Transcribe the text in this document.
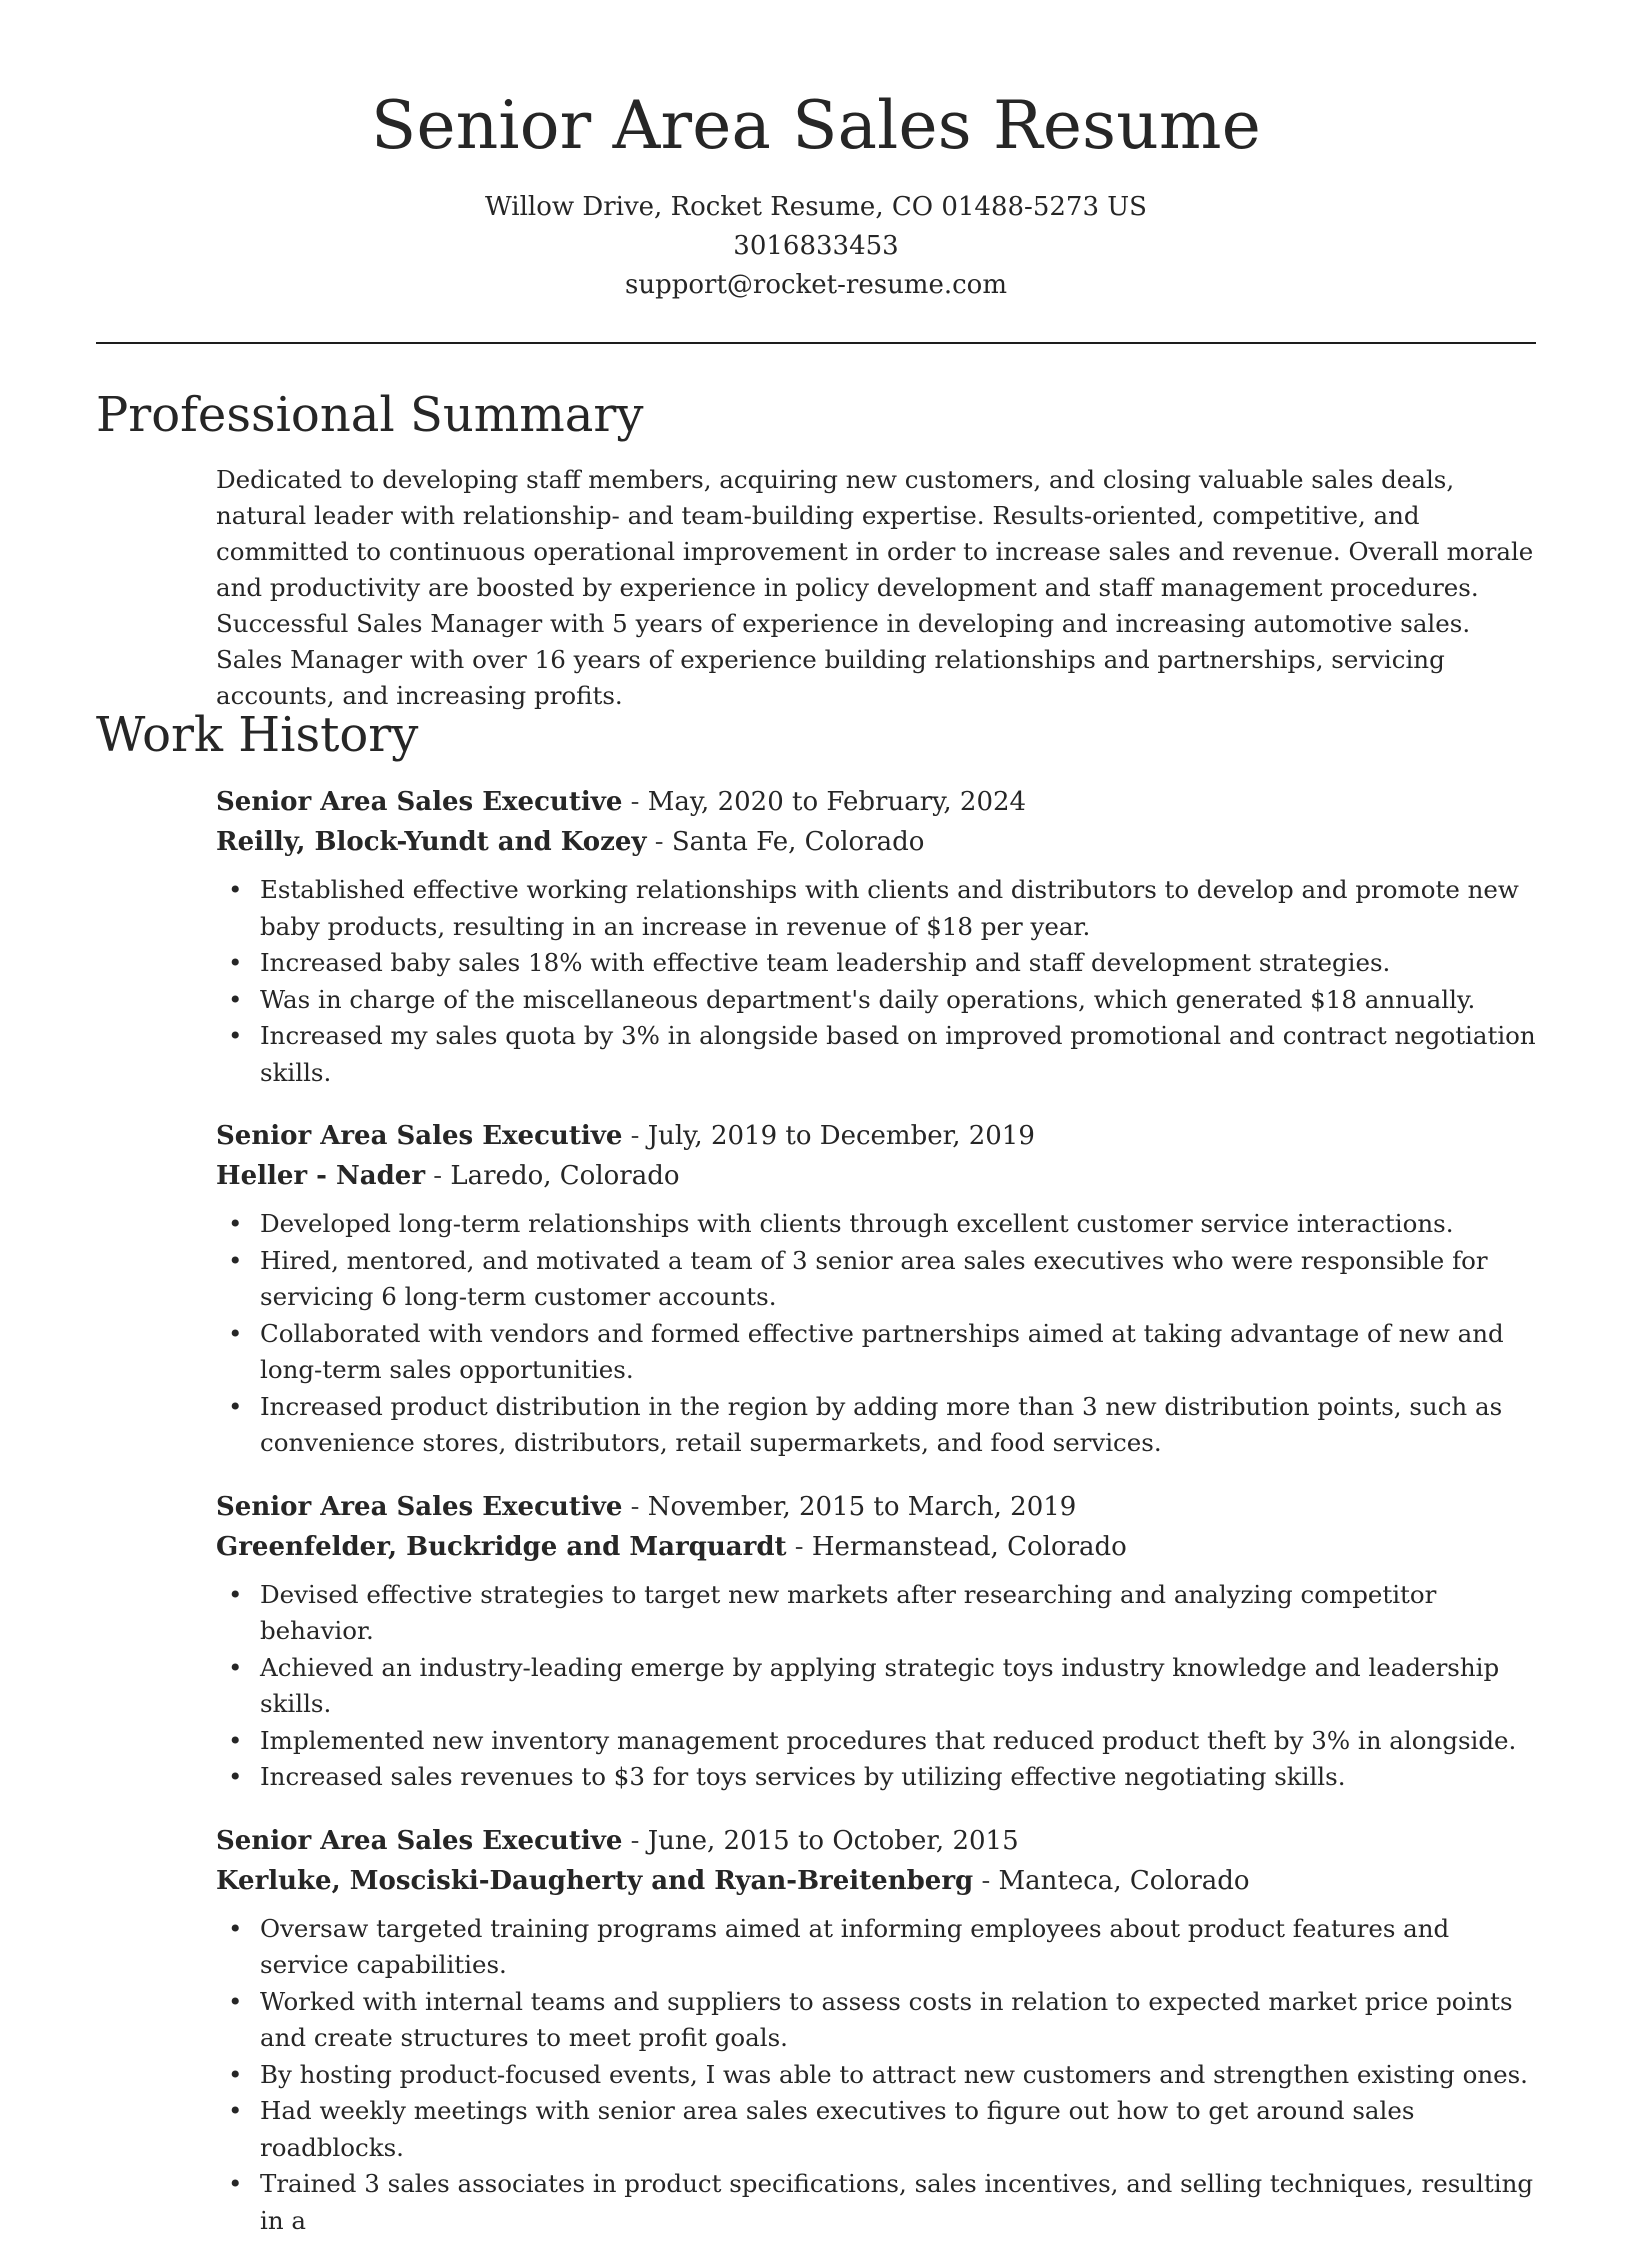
Senior Area Sales Resume
Willow Drive, Rocket Resume, CO 01488-5273 US
3016833453
support@rocket-resume.com
Professional Summary

Dedicated to developing staff members, acquiring new customers, and closing valuable sales deals, natural leader with relationship- and team-building expertise. Results-oriented, competitive, and committed to continuous operational improvement in order to increase sales and revenue. Overall morale and productivity are boosted by experience in policy development and staff management procedures. Successful Sales Manager with 5 years of experience in developing and increasing automotive sales. Sales Manager with over 16 years of experience building relationships and partnerships, servicing accounts, and increasing profits.

Work History
Senior Area Sales Executive - May, 2020 to February, 2024
Reilly, Block-Yundt and Kozey - Santa Fe, Colorado
• Established effective working relationships with clients and distributors to develop and promote new baby products, resulting in an increase in revenue of $18 per year.
• Increased baby sales 18% with effective team leadership and staff development strategies.
• Was in charge of the miscellaneous department's daily operations, which generated $18 annually.
• Increased my sales quota by 3% in alongside based on improved promotional and contract negotiation skills.
Senior Area Sales Executive - July, 2019 to December, 2019
Heller - Nader - Laredo, Colorado
• Developed long-term relationships with clients through excellent customer service interactions.
• Hired, mentored, and motivated a team of 3 senior area sales executives who were responsible for servicing 6 long-term customer accounts.
• Collaborated with vendors and formed effective partnerships aimed at taking advantage of new and long-term sales opportunities.
• Increased product distribution in the region by adding more than 3 new distribution points, such as convenience stores, distributors, retail supermarkets, and food services.
Senior Area Sales Executive - November, 2015 to March, 2019
Greenfelder, Buckridge and Marquardt - Hermanstead, Colorado
• Devised effective strategies to target new markets after researching and analyzing competitor behavior.
• Achieved an industry-leading emerge by applying strategic toys industry knowledge and leadership skills.
• Implemented new inventory management procedures that reduced product theft by 3% in alongside.
• Increased sales revenues to $3 for toys services by utilizing effective negotiating skills.
Senior Area Sales Executive - June, 2015 to October, 2015
Kerluke, Mosciski-Daugherty and Ryan-Breitenberg - Manteca, Colorado
• Oversaw targeted training programs aimed at informing employees about product features and service capabilities.
• Worked with internal teams and suppliers to assess costs in relation to expected market price points and create structures to meet profit goals.
• By hosting product-focused events, I was able to attract new customers and strengthen existing ones.
• Had weekly meetings with senior area sales executives to figure out how to get around sales roadblocks.
• Trained 3 sales associates in product specifications, sales incentives, and selling techniques, resulting in a
